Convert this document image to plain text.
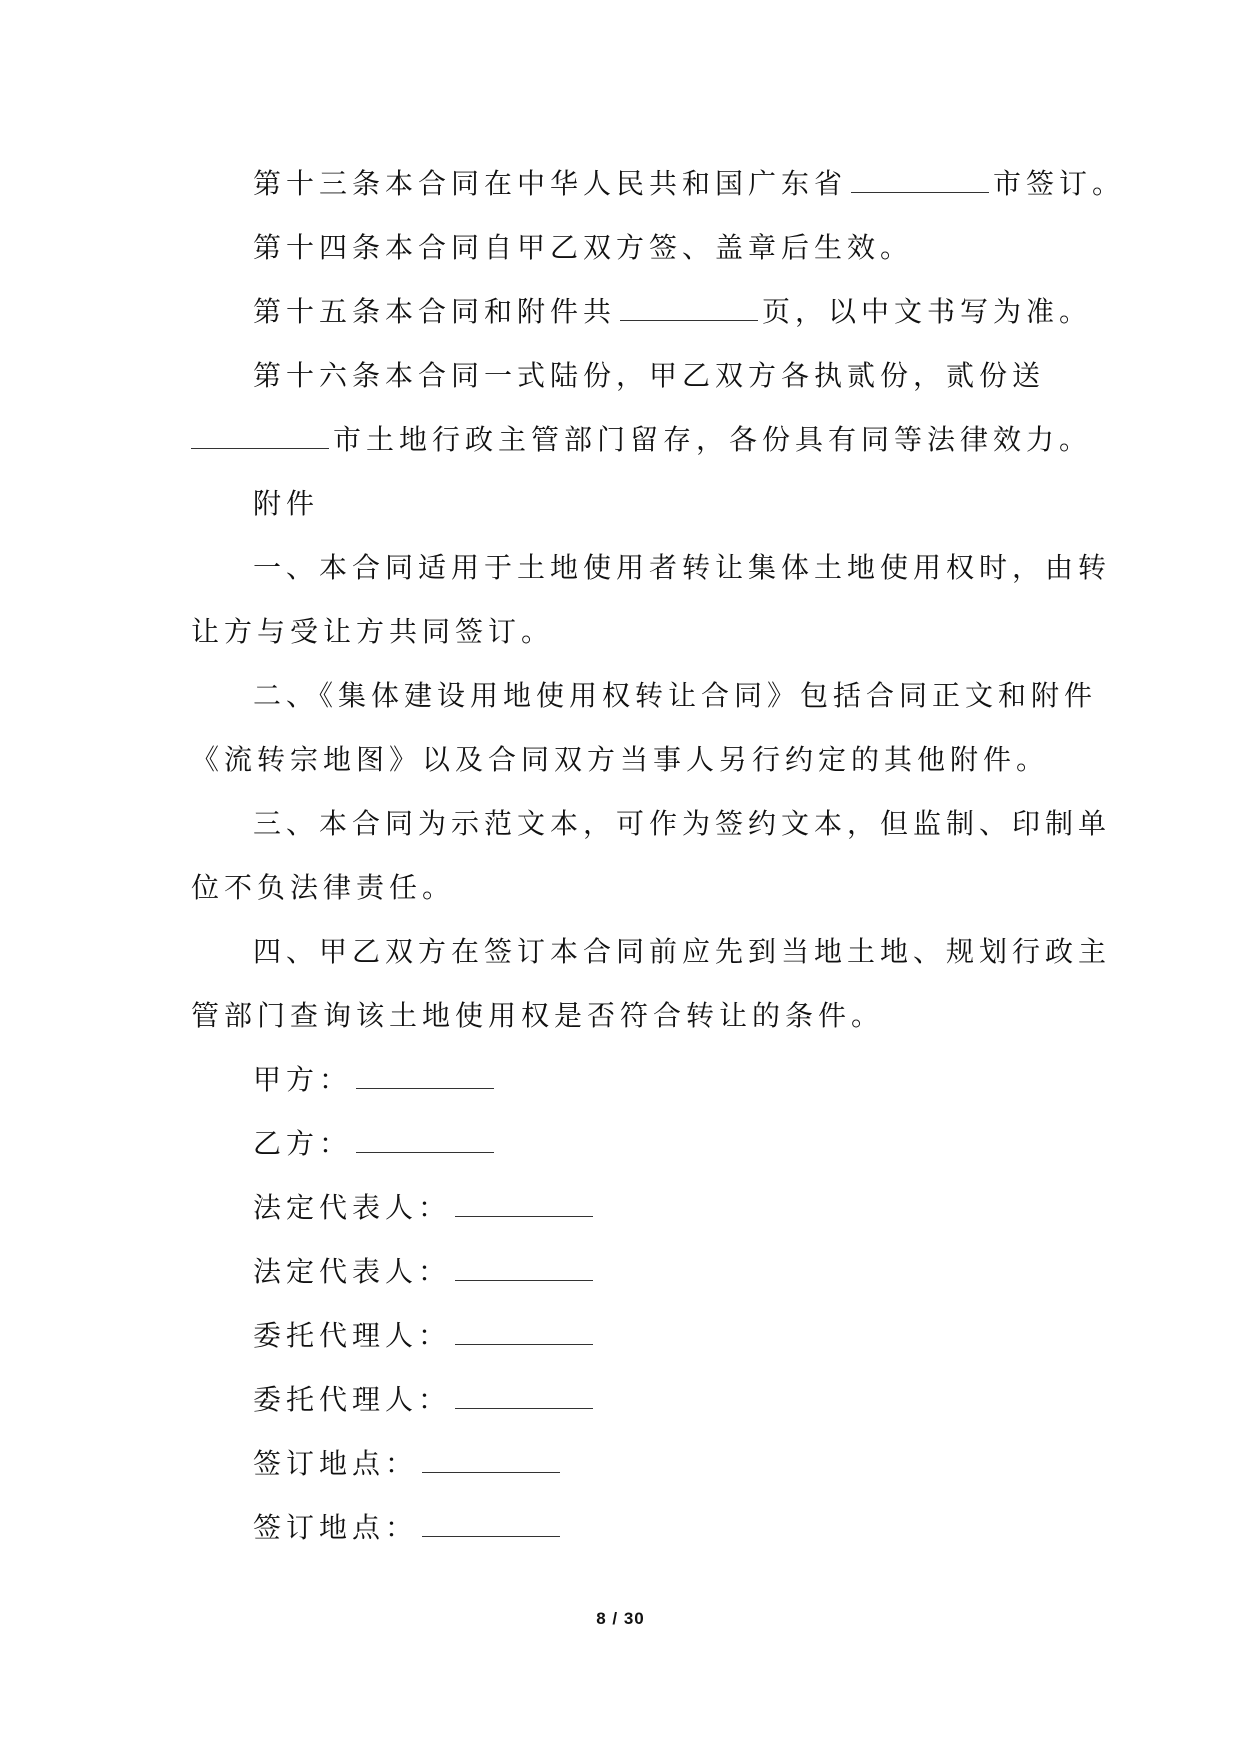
第十三条本合同在中华人民共和国广东省	市签订。
第十四条本合同自甲乙双方签、盖章后生效。
第十五条本合同和附件共	页，以中文书写为准。
第十六条本合同一式陆份，甲乙双方各执贰份，贰份送
市土地行政主管部门留存，各份具有同等法律效力。
附件
一、本合同适用于土地使用者转让集体土地使用权时，由转
让方与受让方共同签订。
二、《集体建设用地使用权转让合同》包括合同正文和附件
《流转宗地图》以及合同双方当事人另行约定的其他附件。
三、本合同为示范文本，可作为签约文本，但监制、印制单
位不负法律责任。
四、甲乙双方在签订本合同前应先到当地土地、规划行政主
管部门查询该土地使用权是否符合转让的条件。
甲方：
乙方：
法定代表人：
法定代表人：
委托代理人：
委托代理人：
签订地点：
签订地点：
8 / 30
